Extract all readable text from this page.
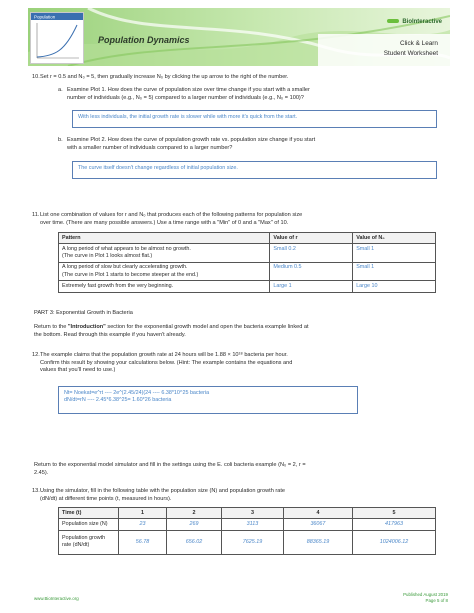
Population
Population Dynamics
BioInteractive
Click & Learn
Student Worksheet
10. Set r = 0.5 and N₀ = 5, then gradually increase N₀ by clicking the up arrow to the right of the number.
a. Examine Plot 1. How does the curve of population size over time change if you start with a smaller
number of individuals (e.g., N₀ = 5) compared to a larger number of individuals (e.g., N₀ = 100)?
With less individuals, the initial growth rate is slower while with more it's quick from the start.
b. Examine Plot 2. How does the curve of population growth rate vs. population size change if you start
with a smaller number of individuals compared to a larger number?
The curve itself doesn't change regardless of initial population size.
11. List one combination of values for r and N₀ that produces each of the following patterns for population size
over time. (There are many possible answers.) Use a time range with a "Min" of 0 and a "Max" of 10.
Pattern	Value of r	Value of N₀

A long period of what appears to be almost no growth.
(The curve in Plot 1 looks almost flat.)	Small 0.2	Small 1

A long period of slow but clearly accelerating growth.
(The curve in Plot 1 starts to become steeper at the end.)	Medium 0.5	Small 1
Extremely fast growth from the very beginning.	Large 1	Large 10
PART 3: Exponential Growth in Bacteria
Return to the "Introduction" section for the exponential growth model and open the bacteria example linked at
the bottom. Read through this example if you haven't already.
12. The example claims that the population growth rate at 24 hours will be 1.88 × 10¹⁸ bacteria per hour.
Confirm this result by showing your calculations below. (Hint: The example contains the equations and
values that you'll need to use.)
Nt= Noekat=e^rt ---- 2e^(2.45/24)(24 ---- 6.38*10^25 bacteria
dN/dt=rN ---- 2.45*6.38^25= 1.60*26 bacteria
Return to the exponential model simulator and fill in the settings using the E. coli bacteria example (N₀ = 2, r =
2.45).
13. Using the simulator, fill in the following table with the population size (N) and population growth rate
(dN/dt) at different time points (t, measured in hours).
Time (t)	1	2	3	4	5
Population size (N)	23	269	3113	36067	417963

Population growth
rate (dN/dt)	56.78	656.02	7625.19	88365.19	1024006.12
www.BioInteractive.org
Published August 2019
Page 5 of 8
